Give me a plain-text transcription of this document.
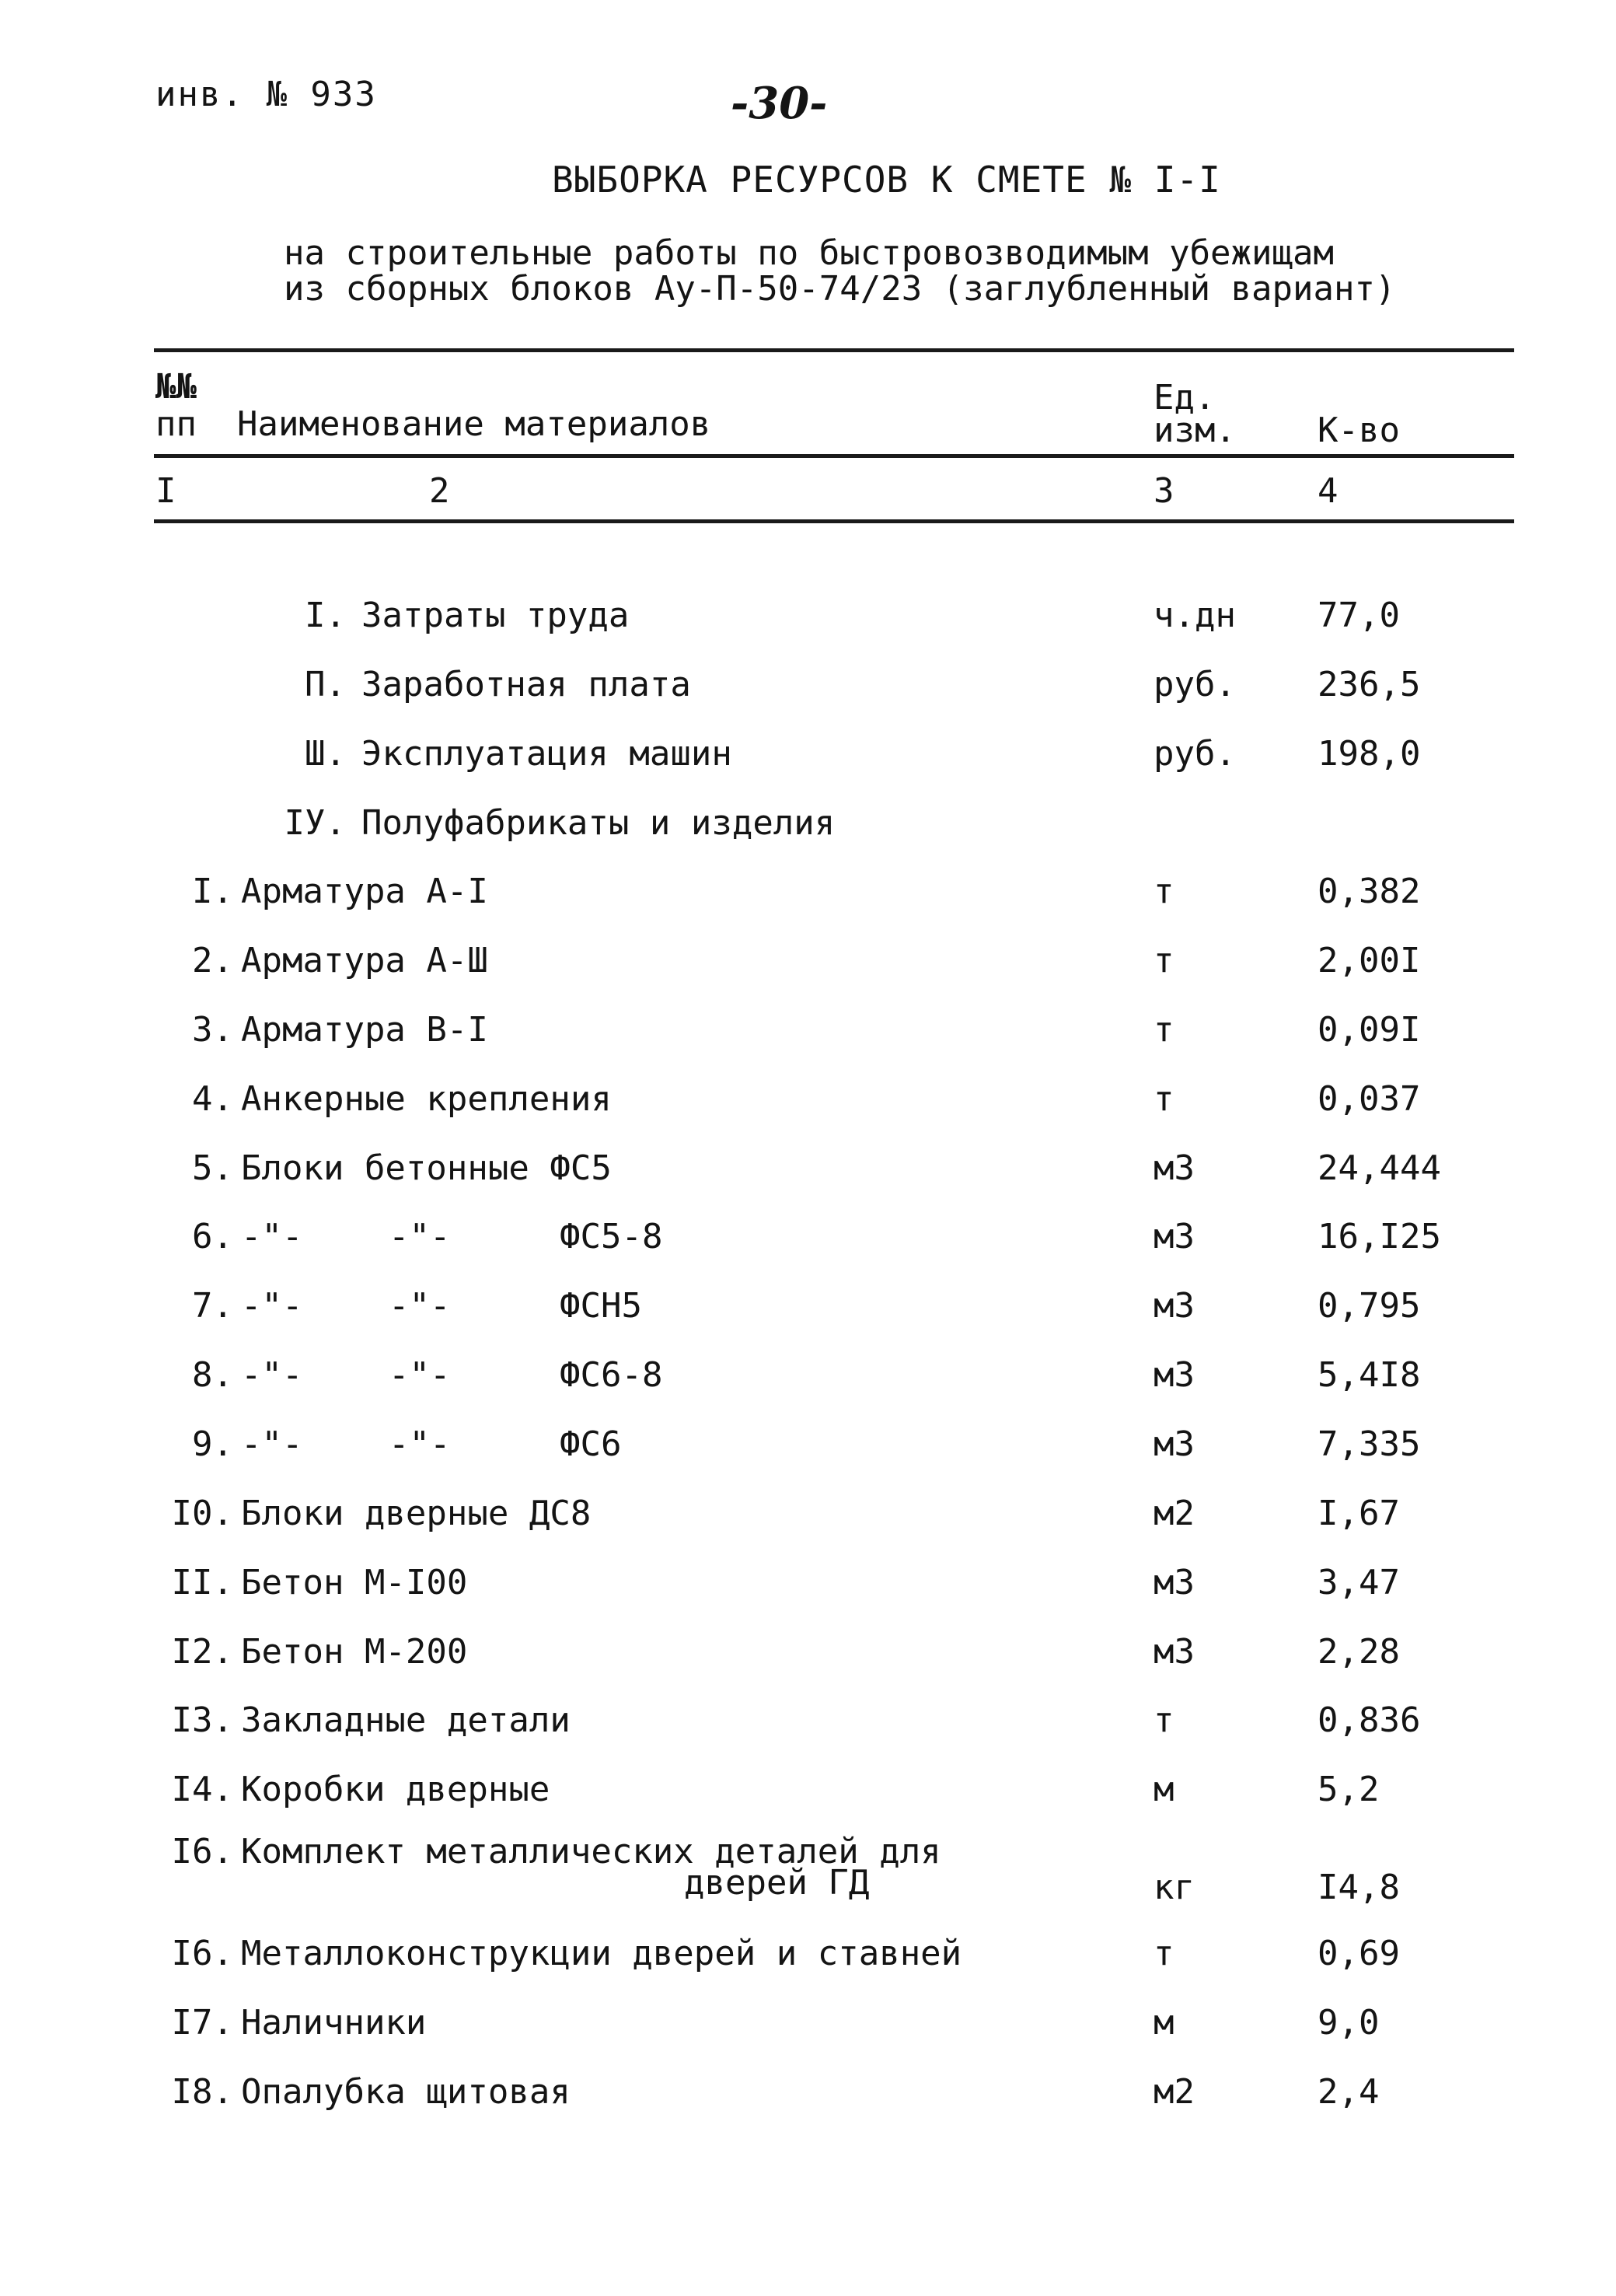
инв. № 933	-30-
ВЫБОРКА РЕСУРСОВ К СМЕТЕ № I-I
на строительные работы по быстровозводимым убежищам
из сборных блоков Ау-П-50-74/23 (заглубленный вариант)
№№
пп Наименование материалов
Ед.
изм. К-во
I	2	3	4
I. Затраты труда	ч.дн 77,0
П. Заработная плата	руб. 236,5
Ш. Эксплуатация машин	руб. 198,0
IУ. Полуфабрикаты и изделия
I. Арматура А-I	т	0,382
2. Арматура А-Ш	т	2,00I
3. Арматура В-I	т	0,09I
4. Анкерные крепления	т	0,037
5. Блоки бетонные ФС5	м3	24,444
6. -"-	-"-	ФС5-8	м3	16,I25
7. -"-	-"-	ФСН5	м3	0,795
8. -"-	-"-	ФС6-8	м3	5,4I8
9. -"-	-"-	ФС6	м3	7,335
I0. Блоки дверные ДС8	м2	I,67
II. Бетон М-I00	м3	3,47
I2. Бетон М-200	м3	2,28
I3. Закладные детали	т	0,836
I4. Коробки дверные	м	5,2
I6. Комплект металлических деталей для
дверей ГД	кг	I4,8
I6. Металлоконструкции дверей и ставней	т	0,69
I7. Наличники	м	9,0
I8. Опалубка щитовая	м2	2,4
